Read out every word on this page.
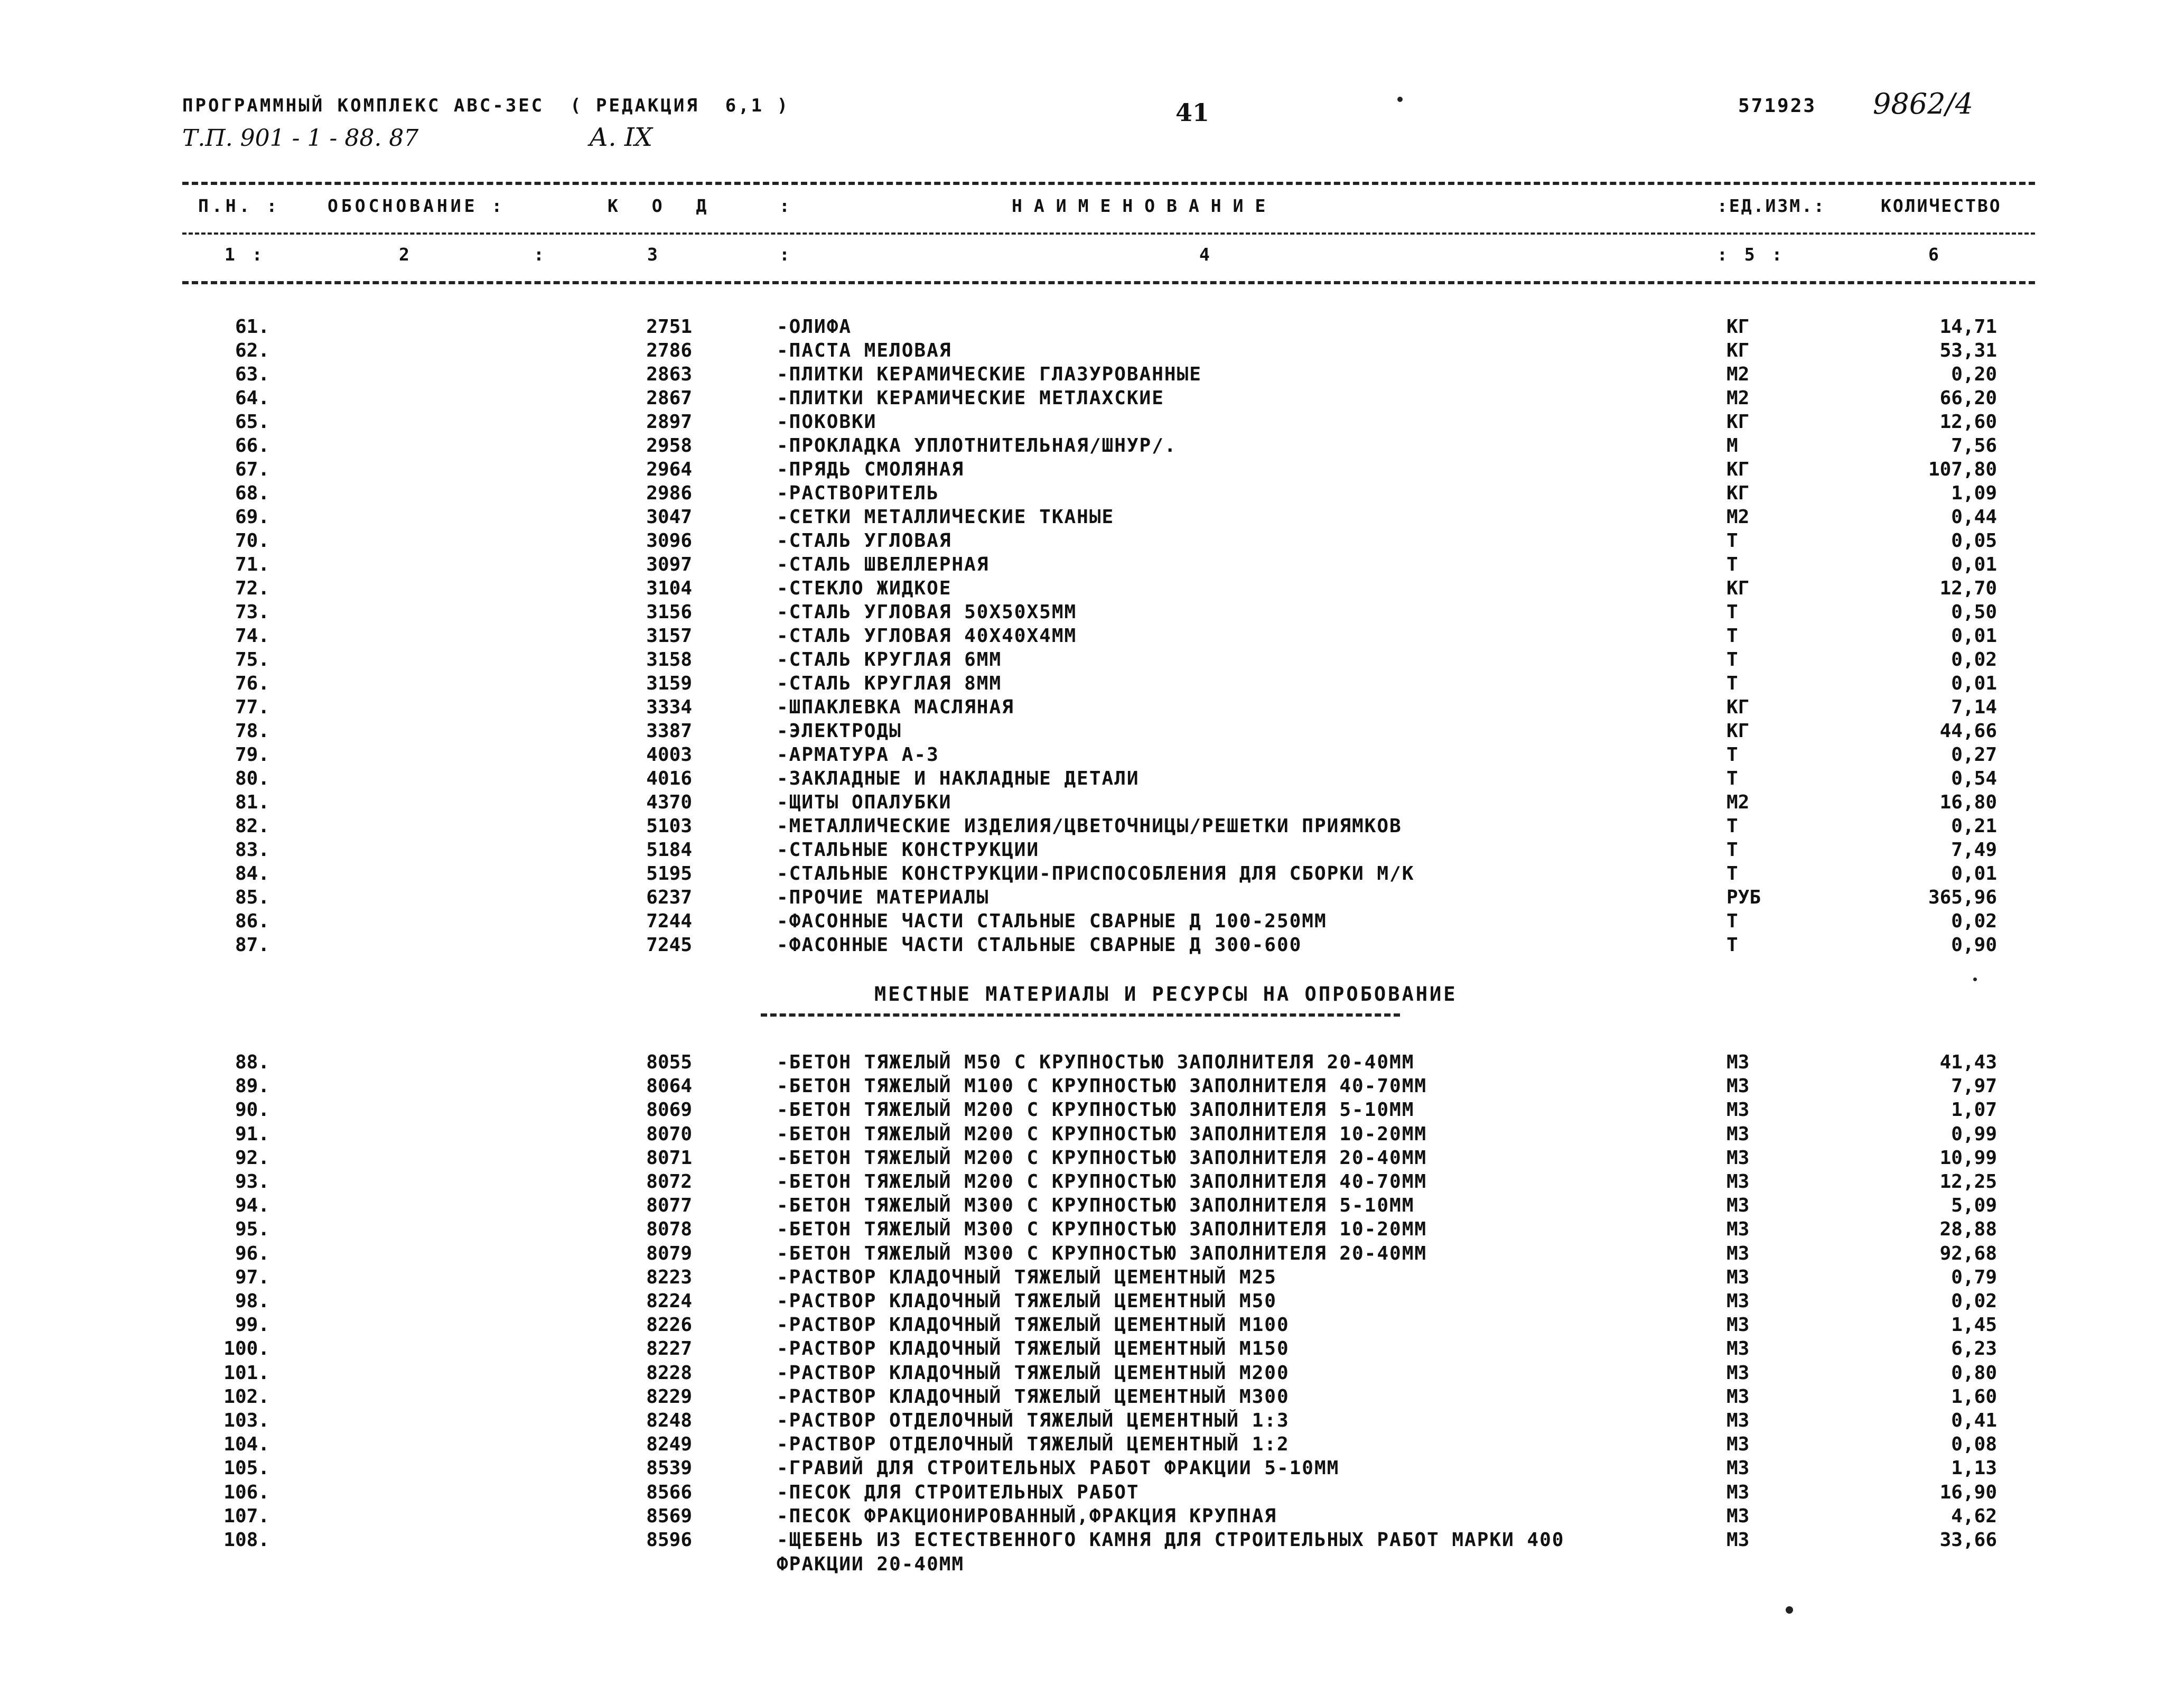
ПРОГРАММНЫЙ КОМПЛЕКС АВС-3ЕС  ( РЕДАКЦИЯ  6,1 )	41	571923 9862/4
Т.П. 901 - 1 - 88. 87	А. IX
П.Н. :	ОБОСНОВАНИЕ :	К О Д	:	НАИМЕНОВАНИЕ	:ЕД.ИЗМ.:	КОЛИЧЕСТВО
1 :	2	:	3	:	4	: 5 :	6
61.	2751	-ОЛИФА	КГ	14,71
62.	2786	-ПАСТА МЕЛОВАЯ	КГ	53,31
63.	2863	-ПЛИТКИ КЕРАМИЧЕСКИЕ ГЛАЗУРОВАННЫЕ	М2	0,20
64.	2867	-ПЛИТКИ КЕРАМИЧЕСКИЕ МЕТЛАХСКИЕ	М2	66,20
65.	2897	-ПОКОВКИ	КГ	12,60
66.	2958	-ПРОКЛАДКА УПЛОТНИТЕЛЬНАЯ/ШНУР/.	М	7,56
67.	2964	-ПРЯДЬ СМОЛЯНАЯ	КГ	107,80
68.	2986	-РАСТВОРИТЕЛЬ	КГ	1,09
69.	3047	-СЕТКИ МЕТАЛЛИЧЕСКИЕ ТКАНЫЕ	М2	0,44
70.	3096	-СТАЛЬ УГЛОВАЯ	Т	0,05
71.	3097	-СТАЛЬ ШВЕЛЛЕРНАЯ	Т	0,01
72.	3104	-СТЕКЛО ЖИДКОЕ	КГ	12,70
73.	3156	-СТАЛЬ УГЛОВАЯ 50Х50Х5ММ	Т	0,50
74.	3157	-СТАЛЬ УГЛОВАЯ 40Х40Х4ММ	Т	0,01
75.	3158	-СТАЛЬ КРУГЛАЯ 6ММ	Т	0,02
76.	3159	-СТАЛЬ КРУГЛАЯ 8ММ	Т	0,01
77.	3334	-ШПАКЛЕВКА МАСЛЯНАЯ	КГ	7,14
78.	3387	-ЭЛЕКТРОДЫ	КГ	44,66
79.	4003	-АРМАТУРА А-3	Т	0,27
80.	4016	-ЗАКЛАДНЫЕ И НАКЛАДНЫЕ ДЕТАЛИ	Т	0,54
81.	4370	-ЩИТЫ ОПАЛУБКИ	М2	16,80
82.	5103	-МЕТАЛЛИЧЕСКИЕ ИЗДЕЛИЯ/ЦВЕТОЧНИЦЫ/РЕШЕТКИ ПРИЯМКОВ	Т	0,21
83.	5184	-СТАЛЬНЫЕ КОНСТРУКЦИИ	Т	7,49
84.	5195	-СТАЛЬНЫЕ КОНСТРУКЦИИ-ПРИСПОСОБЛЕНИЯ ДЛЯ СБОРКИ М/К	Т	0,01
85.	6237	-ПРОЧИЕ МАТЕРИАЛЫ	РУБ	365,96
86.	7244	-ФАСОННЫЕ ЧАСТИ СТАЛЬНЫЕ СВАРНЫЕ Д 100-250ММ	Т	0,02
87.	7245	-ФАСОННЫЕ ЧАСТИ СТАЛЬНЫЕ СВАРНЫЕ Д 300-600	Т	0,90
МЕСТНЫЕ МАТЕРИАЛЫ И РЕСУРСЫ НА ОПРОБОВАНИЕ
88.	8055	-БЕТОН ТЯЖЕЛЫЙ М50 С КРУПНОСТЬЮ ЗАПОЛНИТЕЛЯ 20-40ММ	М3	41,43
89.	8064	-БЕТОН ТЯЖЕЛЫЙ М100 С КРУПНОСТЬЮ ЗАПОЛНИТЕЛЯ 40-70ММ	М3	7,97
90.	8069	-БЕТОН ТЯЖЕЛЫЙ М200 С КРУПНОСТЬЮ ЗАПОЛНИТЕЛЯ 5-10ММ	М3	1,07
91.	8070	-БЕТОН ТЯЖЕЛЫЙ М200 С КРУПНОСТЬЮ ЗАПОЛНИТЕЛЯ 10-20ММ	М3	0,99
92.	8071	-БЕТОН ТЯЖЕЛЫЙ М200 С КРУПНОСТЬЮ ЗАПОЛНИТЕЛЯ 20-40ММ	М3	10,99
93.	8072	-БЕТОН ТЯЖЕЛЫЙ М200 С КРУПНОСТЬЮ ЗАПОЛНИТЕЛЯ 40-70ММ	М3	12,25
94.	8077	-БЕТОН ТЯЖЕЛЫЙ М300 С КРУПНОСТЬЮ ЗАПОЛНИТЕЛЯ 5-10ММ	М3	5,09
95.	8078	-БЕТОН ТЯЖЕЛЫЙ М300 С КРУПНОСТЬЮ ЗАПОЛНИТЕЛЯ 10-20ММ	М3	28,88
96.	8079	-БЕТОН ТЯЖЕЛЫЙ М300 С КРУПНОСТЬЮ ЗАПОЛНИТЕЛЯ 20-40ММ	М3	92,68
97.	8223	-РАСТВОР КЛАДОЧНЫЙ ТЯЖЕЛЫЙ ЦЕМЕНТНЫЙ М25	М3	0,79
98.	8224	-РАСТВОР КЛАДОЧНЫЙ ТЯЖЕЛЫЙ ЦЕМЕНТНЫЙ М50	М3	0,02
99.	8226	-РАСТВОР КЛАДОЧНЫЙ ТЯЖЕЛЫЙ ЦЕМЕНТНЫЙ М100	М3	1,45
100.	8227	-РАСТВОР КЛАДОЧНЫЙ ТЯЖЕЛЫЙ ЦЕМЕНТНЫЙ М150	М3	6,23
101.	8228	-РАСТВОР КЛАДОЧНЫЙ ТЯЖЕЛЫЙ ЦЕМЕНТНЫЙ М200	М3	0,80
102.	8229	-РАСТВОР КЛАДОЧНЫЙ ТЯЖЕЛЫЙ ЦЕМЕНТНЫЙ М300	М3	1,60
103.	8248	-РАСТВОР ОТДЕЛОЧНЫЙ ТЯЖЕЛЫЙ ЦЕМЕНТНЫЙ 1:3	М3	0,41
104.	8249	-РАСТВОР ОТДЕЛОЧНЫЙ ТЯЖЕЛЫЙ ЦЕМЕНТНЫЙ 1:2	М3	0,08
105.	8539	-ГРАВИЙ ДЛЯ СТРОИТЕЛЬНЫХ РАБОТ ФРАКЦИИ 5-10ММ	М3	1,13
106.	8566	-ПЕСОК ДЛЯ СТРОИТЕЛЬНЫХ РАБОТ	М3	16,90
107.	8569	-ПЕСОК ФРАКЦИОНИРОВАННЫЙ,ФРАКЦИЯ КРУПНАЯ	М3	4,62
108.	8596	-ЩЕБЕНЬ ИЗ ЕСТЕСТВЕННОГО КАМНЯ ДЛЯ СТРОИТЕЛЬНЫХ РАБОТ МАРКИ 400	М3	33,66
ФРАКЦИИ 20-40ММ
